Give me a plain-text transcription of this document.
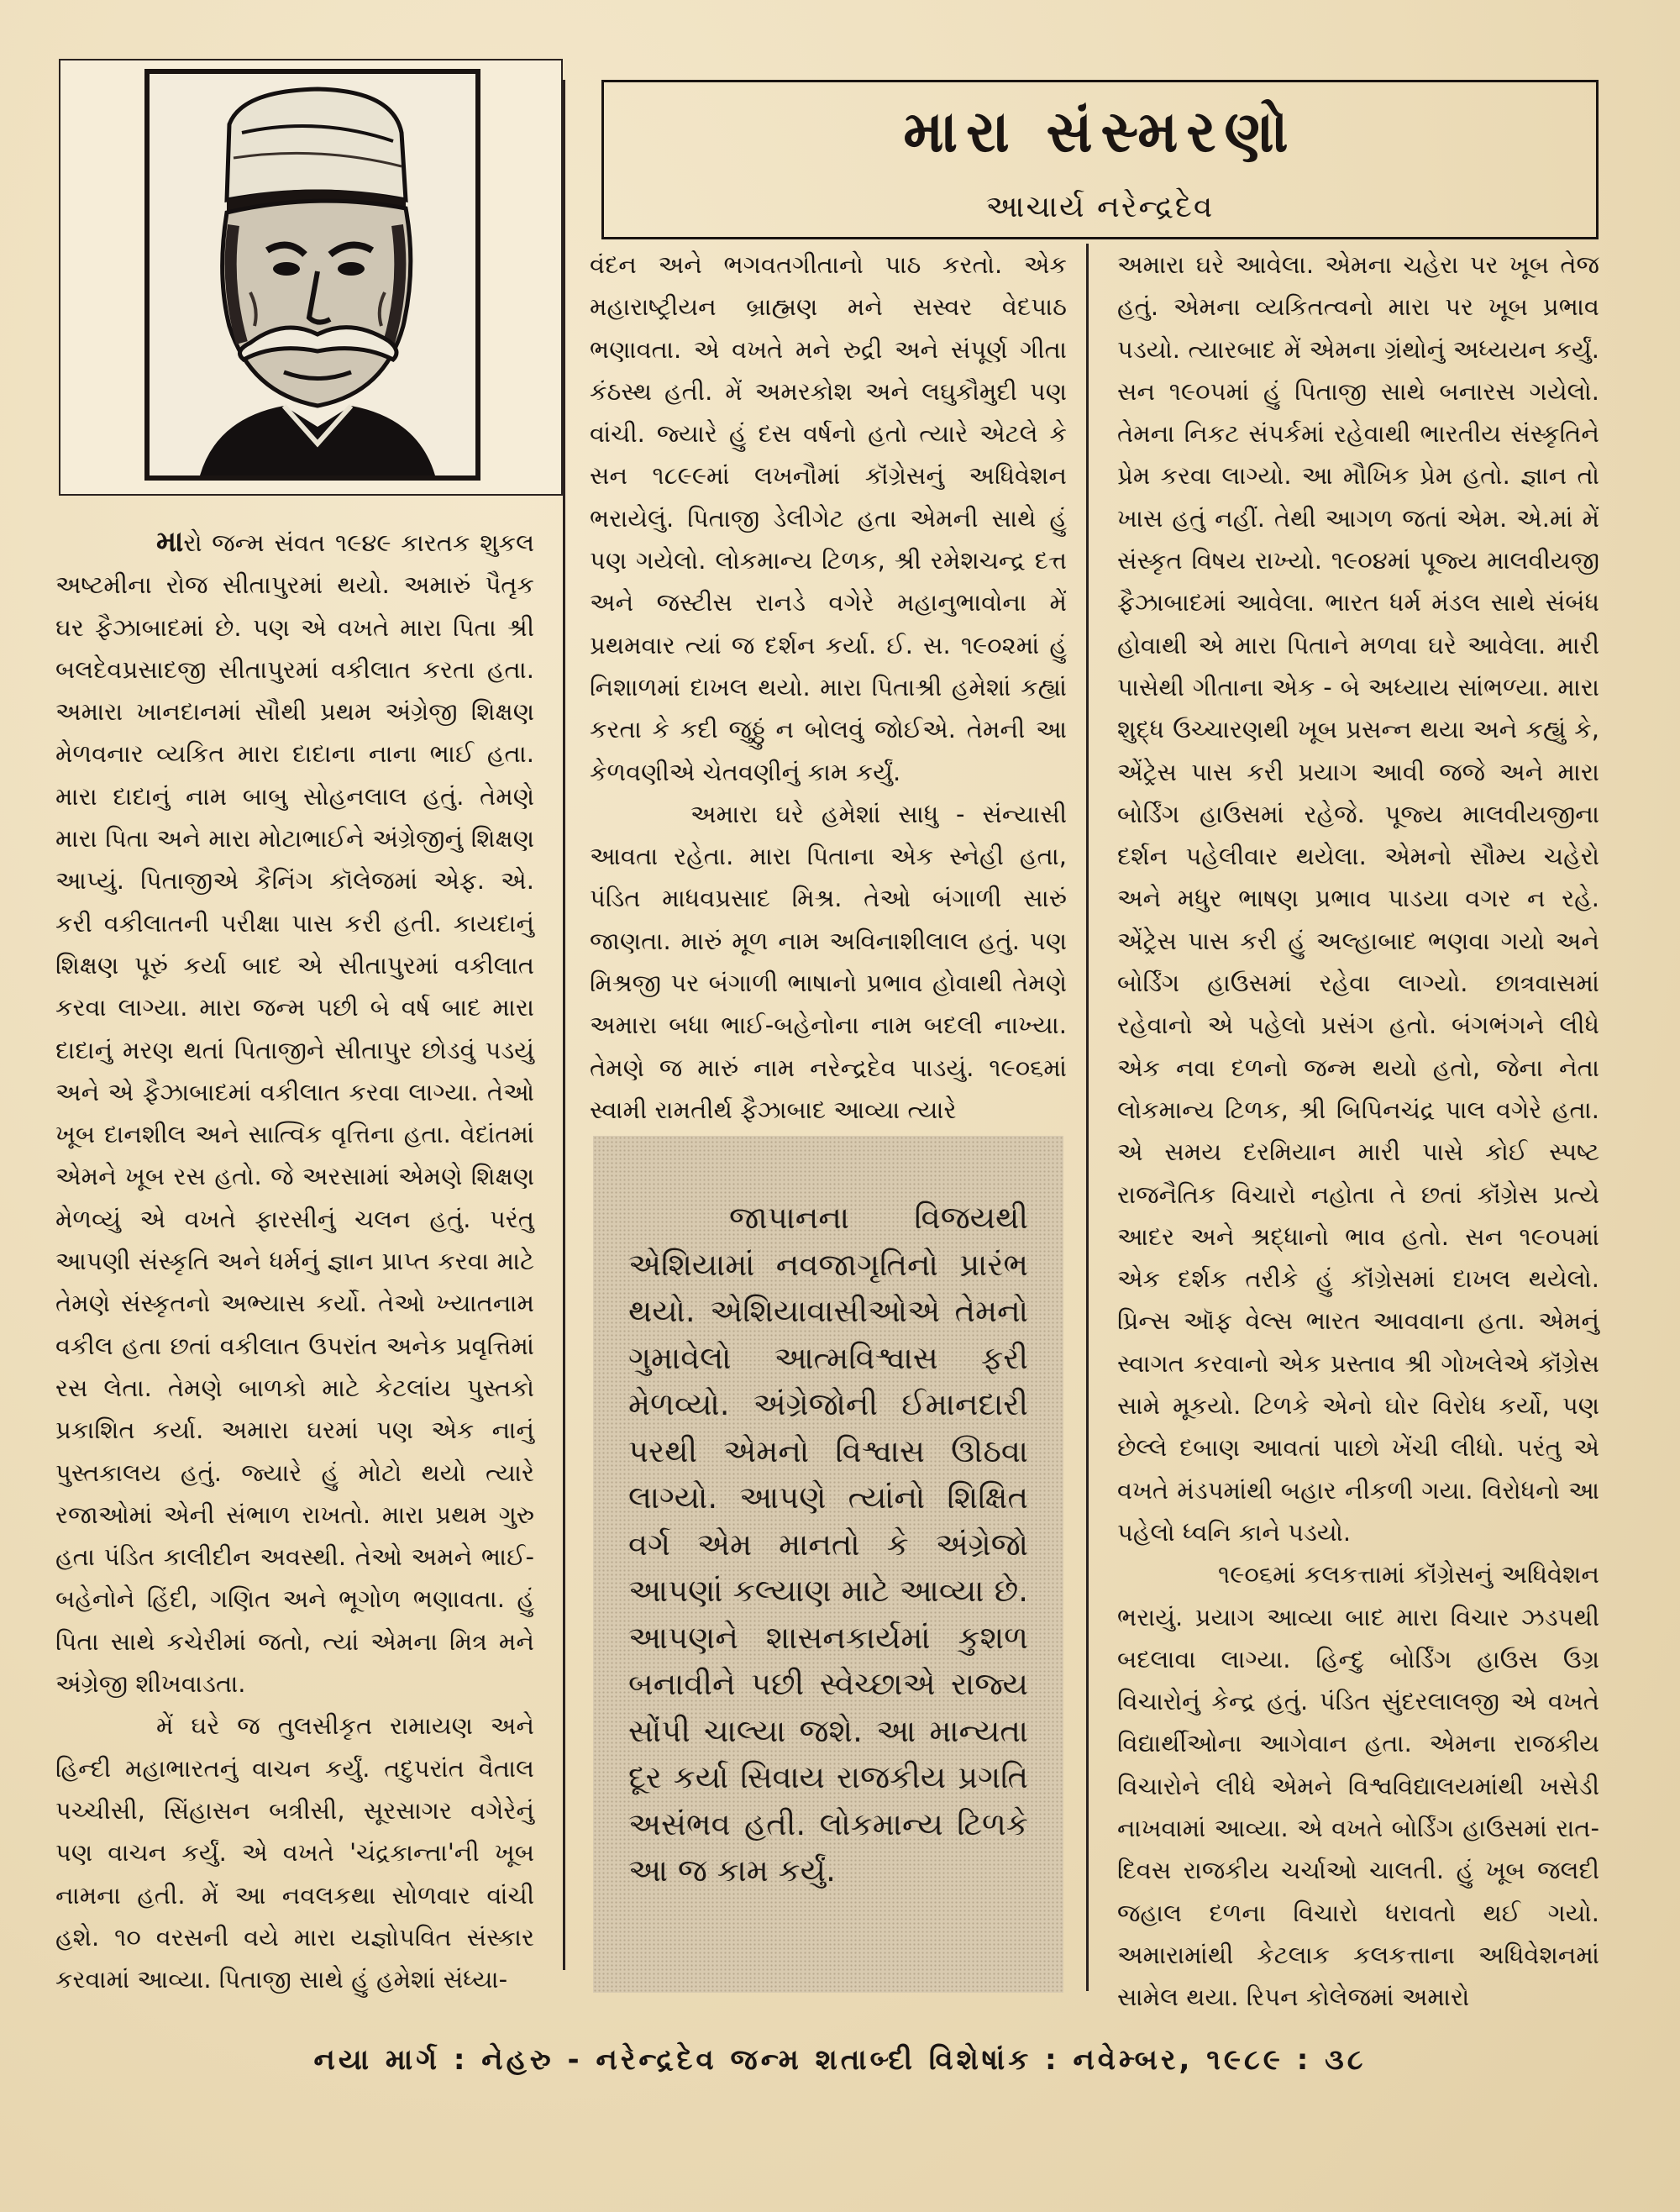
મારા સંસ્મરણો
આચાર્ય નરેન્દ્રદેવ

મારો જન્મ સંવત ૧૯૪૯ કારતક શુકલ અષ્ટમીના રોજ સીતાપુરમાં થયો. અમારું પૈતૃક ઘર ફૈઝાબાદમાં છે. પણ એ વખતે મારા પિતા શ્રી બલદેવપ્રસાદજી સીતાપુરમાં વકીલાત કરતા હતા. અમારા ખાનદાનમાં સૌથી પ્રથમ અંગ્રેજી શિક્ષણ મેળવનાર વ્યકિત મારા દાદાના નાના ભાઈ હતા. મારા દાદાનું નામ બાબુ સોહનલાલ હતું. તેમણે મારા પિતા અને મારા મોટાભાઈને અંગ્રેજીનું શિક્ષણ આપ્યું. પિતાજીએ કૈનિંગ કૉલેજમાં એફ. એ. કરી વકીલાતની પરીક્ષા પાસ કરી હતી. કાયદાનું શિક્ષણ પૂરું કર્યા બાદ એ સીતાપુરમાં વકીલાત કરવા લાગ્યા. મારા જન્મ પછી બે વર્ષ બાદ મારા દાદાનું મરણ થતાં પિતાજીને સીતાપુર છોડવું પડયું અને એ ફૈઝાબાદમાં વકીલાત કરવા લાગ્યા. તેઓ ખૂબ દાનશીલ અને સાત્વિક વૃત્તિના હતા. વેદાંતમાં એમને ખૂબ રસ હતો. જે અરસામાં એમણે શિક્ષણ મેળવ્યું એ વખતે ફારસીનું ચલન હતું. પરંતુ આપણી સંસ્કૃતિ અને ધર્મનું જ્ઞાન પ્રાપ્ત કરવા માટે તેમણે સંસ્કૃતનો અભ્યાસ કર્યો. તેઓ ખ્યાતનામ વકીલ હતા છતાં વકીલાત ઉપરાંત અનેક પ્રવૃત્તિમાં રસ લેતા. તેમણે બાળકો માટે કેટલાંય પુસ્તકો પ્રકાશિત કર્યા. અમારા ઘરમાં પણ એક નાનું પુસ્તકાલય હતું. જ્યારે હું મોટો થયો ત્યારે રજાઓમાં એની સંભાળ રાખતો. મારા પ્રથમ ગુરુ હતા પંડિત કાલીદીન અવસ્થી. તેઓ અમને ભાઈ-બહેનોને હિંદી, ગણિત અને ભૂગોળ ભણાવતા. હું પિતા સાથે કચેરીમાં જતો, ત્યાં એમના મિત્ર મને અંગ્રેજી શીખવાડતા.

મેં ઘરે જ તુલસીકૃત રામાયણ અને હિન્દી મહાભારતનું વાચન કર્યું. તદુપરાંત વૈતાલ પચ્ચીસી, સિંહાસન બત્રીસી, સૂરસાગર વગેરેનું પણ વાચન કર્યું. એ વખતે 'ચંદ્રકાન્તા'ની ખૂબ નામના હતી. મેં આ નવલકથા સોળવાર વાંચી હશે. ૧૦ વરસની વયે મારા યજ્ઞોપવિત સંસ્કાર કરવામાં આવ્યા. પિતાજી સાથે હું હમેશાં સંધ્યા-

વંદન અને ભગવતગીતાનો પાઠ કરતો. એક મહારાષ્ટ્રીયન બ્રાહ્મણ મને સસ્વર વેદપાઠ ભણાવતા. એ વખતે મને રુદ્રી અને સંપૂર્ણ ગીતા કંઠસ્થ હતી. મેં અમરકોશ અને લઘુકૌમુદી પણ વાંચી. જ્યારે હું દસ વર્ષનો હતો ત્યારે એટલે કે સન ૧૮૯૯માં લખનૌમાં કૉંગ્રેસનું અધિવેશન ભરાયેલું. પિતાજી ડેલીગેટ હતા એમની સાથે હું પણ ગયેલો. લોકમાન્ય ટિળક, શ્રી રમેશચન્દ્ર દત્ત અને જસ્ટીસ રાનડે વગેરે મહાનુભાવોના મેં પ્રથમવાર ત્યાં જ દર્શન કર્યા. ઈ. સ. ૧૯૦૨માં હું નિશાળમાં દાખલ થયો. મારા પિતાશ્રી હમેશાં કહ્યાં કરતા કે કદી જુઠ્ઠું ન બોલવું જોઈએ. તેમની આ કેળવણીએ ચેતવણીનું કામ કર્યું.

અમારા ઘરે હમેશાં સાધુ - સંન્યાસી આવતા રહેતા. મારા પિતાના એક સ્નેહી હતા, પંડિત માધવપ્રસાદ મિશ્ર. તેઓ બંગાળી સારું જાણતા. મારું મૂળ નામ અવિનાશીલાલ હતું. પણ મિશ્રજી પર બંગાળી ભાષાનો પ્રભાવ હોવાથી તેમણે અમારા બધા ભાઈ-બહેનોના નામ બદલી નાખ્યા. તેમણે જ મારું નામ નરેન્દ્રદેવ પાડયું. ૧૯૦૬માં સ્વામી રામતીર્થ ફૈઝાબાદ આવ્યા ત્યારે

જાપાનના વિજયથી એશિયામાં નવજાગૃતિનો પ્રારંભ થયો. એશિયાવાસીઓએ તેમનો ગુમાવેલો આત્મવિશ્વાસ ફરી મેળવ્યો. અંગ્રેજોની ઈમાનદારી પરથી એમનો વિશ્વાસ ઊઠવા લાગ્યો. આપણે ત્યાંનો શિક્ષિત વર્ગ એમ માનતો કે અંગ્રેજો આપણાં કલ્યાણ માટે આવ્યા છે. આપણને શાસનકાર્યમાં કુશળ બનાવીને પછી સ્વેચ્છાએ રાજ્ય સોંપી ચાલ્યા જશે. આ માન્યતા દૂર કર્યા સિવાય રાજકીય પ્રગતિ અસંભવ હતી. લોકમાન્ય ટિળકે આ જ કામ કર્યું.

અમારા ઘરે આવેલા. એમના ચહેરા પર ખૂબ તેજ હતું. એમના વ્યકિતત્વનો મારા પર ખૂબ પ્રભાવ પડયો. ત્યારબાદ મેં એમના ગ્રંથોનું અધ્યયન કર્યું. સન ૧૯૦૫માં હું પિતાજી સાથે બનારસ ગયેલો. તેમના નિકટ સંપર્કમાં રહેવાથી ભારતીય સંસ્કૃતિને પ્રેમ કરવા લાગ્યો. આ મૌખિક પ્રેમ હતો. જ્ઞાન તો ખાસ હતું નહીં. તેથી આગળ જતાં એમ. એ.માં મેં સંસ્કૃત વિષય રાખ્યો. ૧૯૦૪માં પૂજ્ય માલવીયજી ફૈઝાબાદમાં આવેલા. ભારત ધર્મ મંડલ સાથે સંબંધ હોવાથી એ મારા પિતાને મળવા ઘરે આવેલા. મારી પાસેથી ગીતાના એક - બે અધ્યાય સાંભળ્યા. મારા શુદ્ધ ઉચ્ચારણથી ખૂબ પ્રસન્ન થયા અને કહ્યું કે, એંટ્રેસ પાસ કરી પ્રયાગ આવી જજે અને મારા બોર્ડિંગ હાઉસમાં રહેજે. પૂજ્ય માલવીયજીના દર્શન પહેલીવાર થયેલા. એમનો સૌમ્ય ચહેરો અને મધુર ભાષણ પ્રભાવ પાડયા વગર ન રહે. એંટ્રેસ પાસ કરી હું અલ્હાબાદ ભણવા ગયો અને બોર્ડિંગ હાઉસમાં રહેવા લાગ્યો. છાત્રવાસમાં રહેવાનો એ પહેલો પ્રસંગ હતો. બંગભંગને લીધે એક નવા દળનો જન્મ થયો હતો, જેના નેતા લોકમાન્ય ટિળક, શ્રી બિપિનચંદ્ર પાલ વગેરે હતા. એ સમય દરમિયાન મારી પાસે કોઈ સ્પષ્ટ રાજનૈતિક વિચારો નહોતા તે છતાં કૉંગ્રેસ પ્રત્યે આદર અને શ્રદ્ધાનો ભાવ હતો. સન ૧૯૦૫માં એક દર્શક તરીકે હું કૉંગ્રેસમાં દાખલ થયેલો. પ્રિન્સ ઑફ વેલ્સ ભારત આવવાના હતા. એમનું સ્વાગત કરવાનો એક પ્રસ્તાવ શ્રી ગોખલેએ કૉંગ્રેસ સામે મૂકયો. ટિળકે એનો ઘોર વિરોધ કર્યો, પણ છેલ્લે દબાણ આવતાં પાછો ખેંચી લીધો. પરંતુ એ વખતે મંડપમાંથી બહાર નીકળી ગયા. વિરોધનો આ પહેલો ધ્વનિ કાને પડયો.

૧૯૦૬માં કલકત્તામાં કૉંગ્રેસનું અધિવેશન ભરાયું. પ્રયાગ આવ્યા બાદ મારા વિચાર ઝડપથી બદલાવા લાગ્યા. હિન્દુ બોર્ડિંગ હાઉસ ઉગ્ર વિચારોનું કેન્દ્ર હતું. પંડિત સુંદરલાલજી એ વખતે વિદ્યાર્થીઓના આગેવાન હતા. એમના રાજકીય વિચારોને લીધે એમને વિશ્વવિદ્યાલયમાંથી ખસેડી નાખવામાં આવ્યા. એ વખતે બોર્ડિંગ હાઉસમાં રાત-દિવસ રાજકીય ચર્ચાઓ ચાલતી. હું ખૂબ જલદી જહાલ દળના વિચારો ધરાવતો થઈ ગયો. અમારામાંથી કેટલાક કલકત્તાના અધિવેશનમાં સામેલ થયા. રિપન કોલેજમાં અમારો

નયા માર્ગ : નેહરુ - નરેન્દ્રદેવ જન્મ શતાબ્દી વિશેષાંક : નવેમ્બર, ૧૯૮૯ : ૩૮
